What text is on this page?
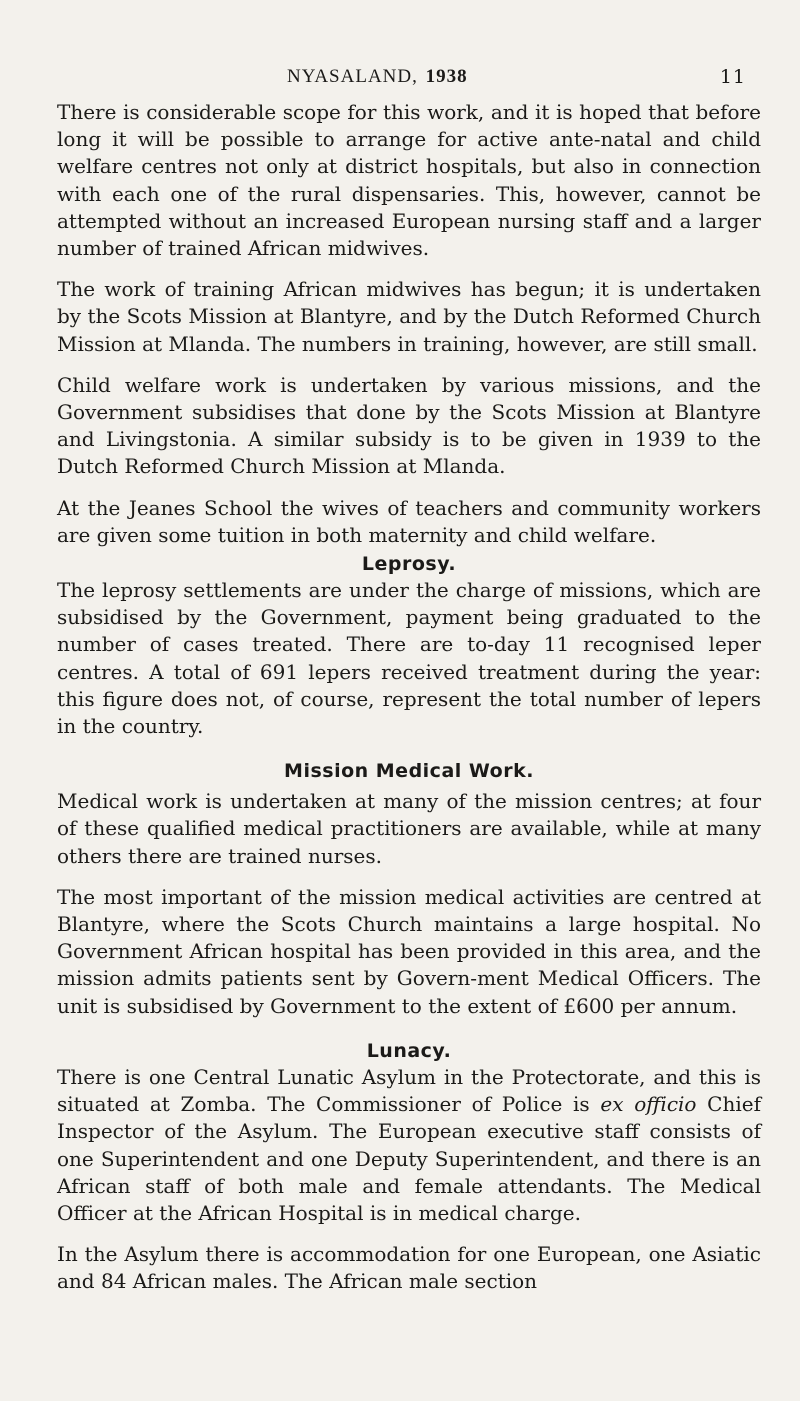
NYASALAND, 1938	11

There is considerable scope for this work, and it is hoped that before long it will be possible to arrange for active ante-natal and child welfare centres not only at district hospitals, but also in connection with each one of the rural dispensaries. This, however, cannot be attempted without an increased European nursing staff and a larger number of trained African midwives.

The work of training African midwives has begun; it is undertaken by the Scots Mission at Blantyre, and by the Dutch Reformed Church Mission at Mlanda. The numbers in training, however, are still small.

Child welfare work is undertaken by various missions, and the Government subsidises that done by the Scots Mission at Blantyre and Livingstonia. A similar subsidy is to be given in 1939 to the Dutch Reformed Church Mission at Mlanda.

At the Jeanes School the wives of teachers and community workers are given some tuition in both maternity and child welfare.

Leprosy.

The leprosy settlements are under the charge of missions, which are subsidised by the Government, payment being graduated to the number of cases treated. There are to-day 11 recognised leper centres. A total of 691 lepers received treatment during the year: this figure does not, of course, represent the total number of lepers in the country.

Mission Medical Work.

Medical work is undertaken at many of the mission centres; at four of these qualified medical practitioners are available, while at many others there are trained nurses.

The most important of the mission medical activities are centred at Blantyre, where the Scots Church maintains a large hospital. No Government African hospital has been provided in this area, and the mission admits patients sent by Govern-ment Medical Officers. The unit is subsidised by Government to the extent of £600 per annum.

Lunacy.

There is one Central Lunatic Asylum in the Protectorate, and this is situated at Zomba. The Commissioner of Police is ex officio Chief Inspector of the Asylum. The European executive staff consists of one Superintendent and one Deputy Superintendent, and there is an African staff of both male and female attendants. The Medical Officer at the African Hospital is in medical charge.

In the Asylum there is accommodation for one European, one Asiatic and 84 African males. The African male section
